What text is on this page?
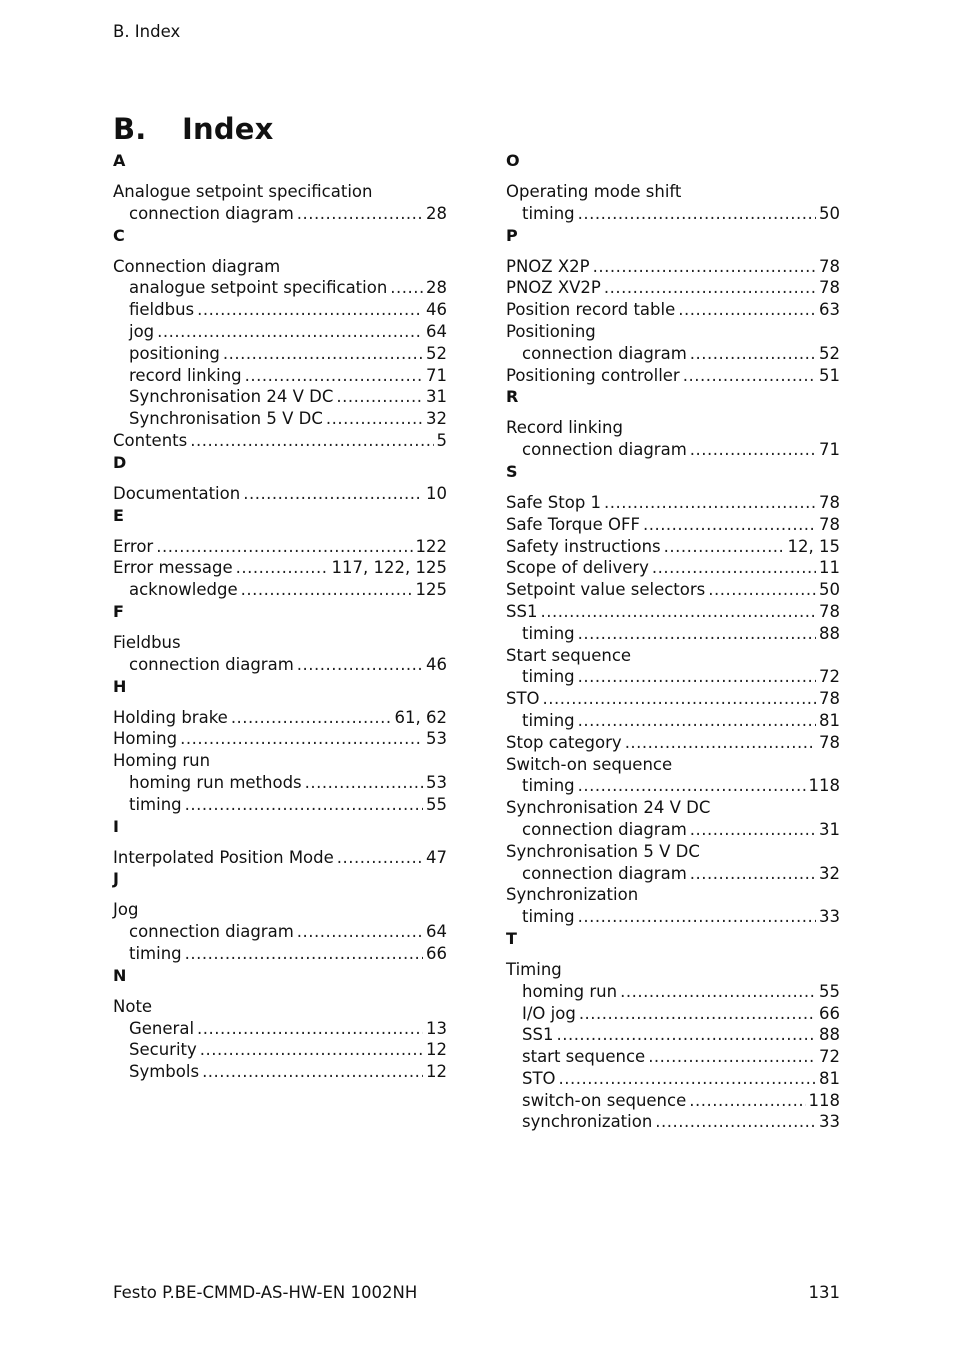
B. Index
B. Index
A
Analogue setpoint specification
connection diagram .....	28
C
Connection diagram
analogue setpoint specification ..... 28
fieldbus .....	46
jog .....	64
positioning .....	52
record linking .....	71
Synchronisation 24 V DC .....	31
Synchronisation 5 V DC .....	32
Contents .....	5
D
Documentation .....	10
E
Error .....	122
Error message .....	117, 122, 125
acknowledge .....	125
F
Fieldbus
connection diagram .....	46
H
Holding brake .....	61, 62
Homing .....	53
Homing run
homing run methods .....	53
timing .....	55
I
Interpolated Position Mode .....	47
J
Jog
connection diagram .....	64
timing .....	66
N
Note
General .....	13
Security .....	12
Symbols .....	12
O
Operating mode shift
timing .....	50
P
PNOZ X2P .....	78
PNOZ XV2P .....	78
Position record table .....	63
Positioning
connection diagram .....	52
Positioning controller .....	51
R
Record linking
connection diagram .....	71
S
Safe Stop 1 .....	78
Safe Torque OFF .....	78
Safety instructions .....	12, 15
Scope of delivery .....	11
Setpoint value selectors .....	50
SS1 .....	78
timing .....	88
Start sequence
timing .....	72
STO .....	78
timing .....	81
Stop category .....	78
Switch-on sequence
timing .....	118
Synchronisation 24 V DC
connection diagram .....	31
Synchronisation 5 V DC
connection diagram .....	32
Synchronization
timing .....	33
T
Timing
homing run .....	55
I/O jog .....	66
SS1 .....	88
start sequence .....	72
STO .....	81
switch-on sequence .....	118
synchronization .....	33
Festo P.BE-CMMD-AS-HW-EN 1002NH	131
